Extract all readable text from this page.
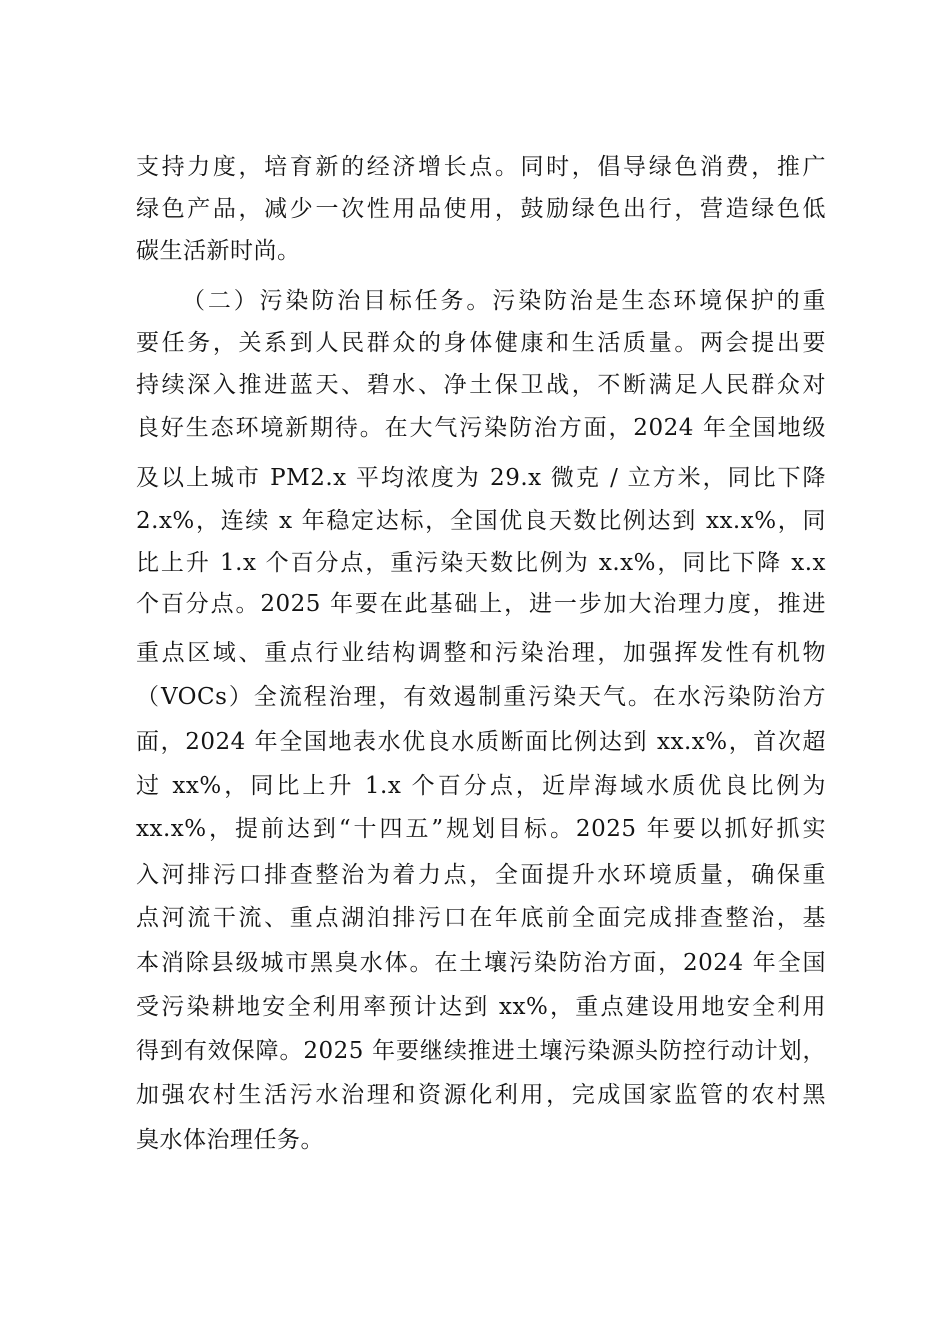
支持力度，培育新的经济增长点。同时，倡导绿色消费，推广
绿色产品，减少一次性用品使用，鼓励绿色出行，营造绿色低
碳生活新时尚。
（二）污染防治目标任务。污染防治是生态环境保护的重
要任务，关系到人民群众的身体健康和生活质量。两会提出要
持续深入推进蓝天、碧水、净土保卫战，不断满足人民群众对
良好生态环境新期待。在大气污染防治方面，2024 年全国地级
及以上城市 PM2.x 平均浓度为 29.x 微克 / 立方米，同比下降
2.x%，连续 x 年稳定达标，全国优良天数比例达到 xx.x%，同
比上升 1.x 个百分点，重污染天数比例为 x.x%，同比下降 x.x
个百分点。2025 年要在此基础上，进一步加大治理力度，推进
重点区域、重点行业结构调整和污染治理，加强挥发性有机物
（VOCs）全流程治理，有效遏制重污染天气。在水污染防治方
面，2024 年全国地表水优良水质断面比例达到 xx.x%，首次超
过 xx%，同比上升 1.x 个百分点，近岸海域水质优良比例为
xx.x%，提前达到“十四五”规划目标。2025 年要以抓好抓实
入河排污口排查整治为着力点，全面提升水环境质量，确保重
点河流干流、重点湖泊排污口在年底前全面完成排查整治，基
本消除县级城市黑臭水体。在土壤污染防治方面，2024 年全国
受污染耕地安全利用率预计达到 xx%，重点建设用地安全利用
得到有效保障。2025 年要继续推进土壤污染源头防控行动计划，
加强农村生活污水治理和资源化利用，完成国家监管的农村黑
臭水体治理任务。
